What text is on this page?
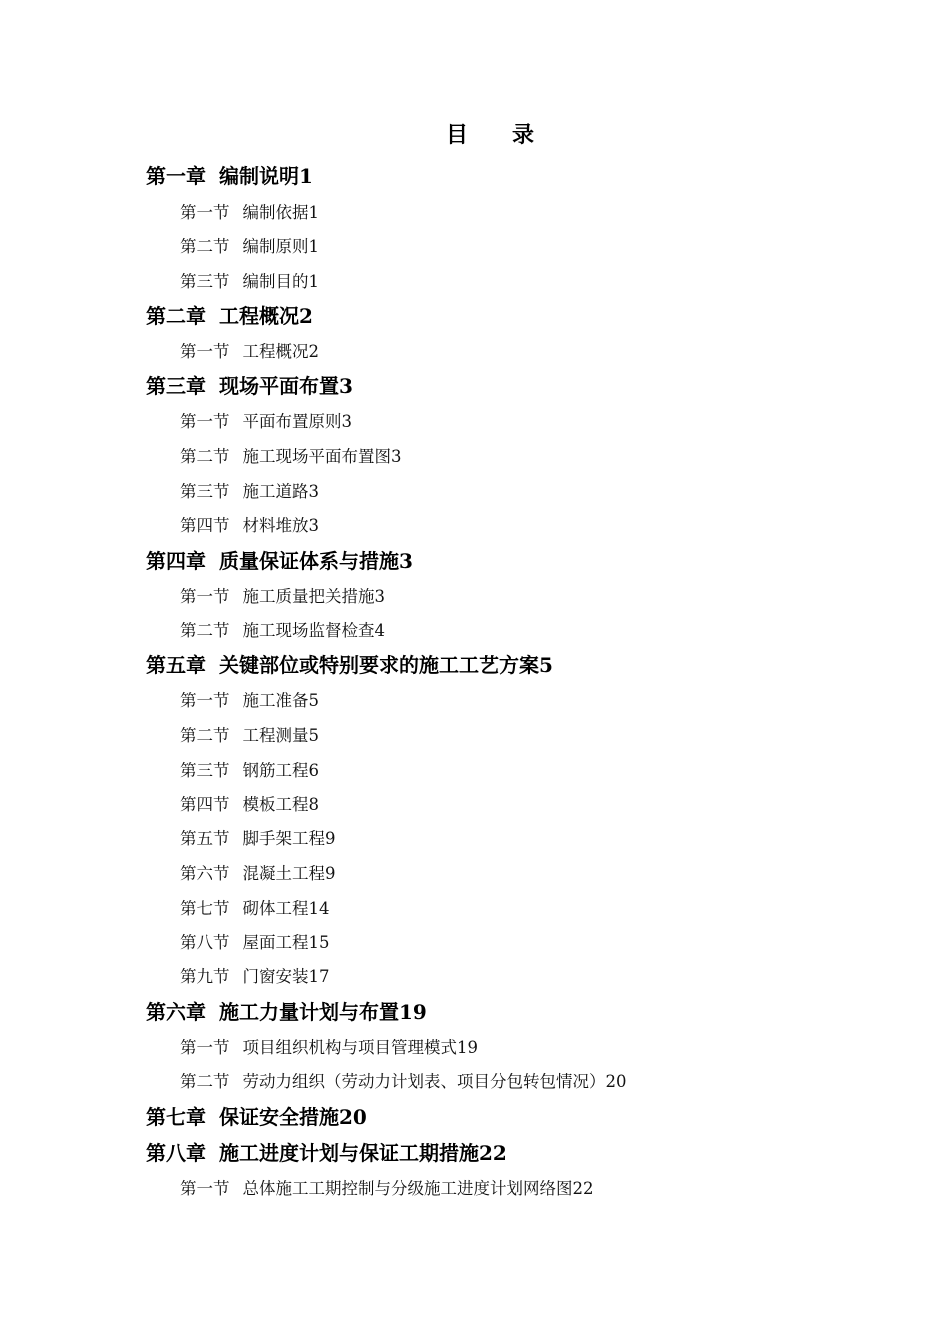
目 录
第一章 编制说明1
第一节 编制依据1
第二节 编制原则1
第三节 编制目的1
第二章 工程概况2
第一节 工程概况2
第三章 现场平面布置3
第一节 平面布置原则3
第二节 施工现场平面布置图3
第三节 施工道路3
第四节 材料堆放3
第四章 质量保证体系与措施3
第一节 施工质量把关措施3
第二节 施工现场监督检查4
第五章 关键部位或特别要求的施工工艺方案5
第一节 施工准备5
第二节 工程测量5
第三节 钢筋工程6
第四节 模板工程8
第五节 脚手架工程9
第六节 混凝土工程9
第七节 砌体工程14
第八节 屋面工程15
第九节 门窗安装17
第六章 施工力量计划与布置19
第一节 项目组织机构与项目管理模式19
第二节 劳动力组织（劳动力计划表、项目分包转包情况）20
第七章 保证安全措施20
第八章 施工进度计划与保证工期措施22
第一节 总体施工工期控制与分级施工进度计划网络图22
